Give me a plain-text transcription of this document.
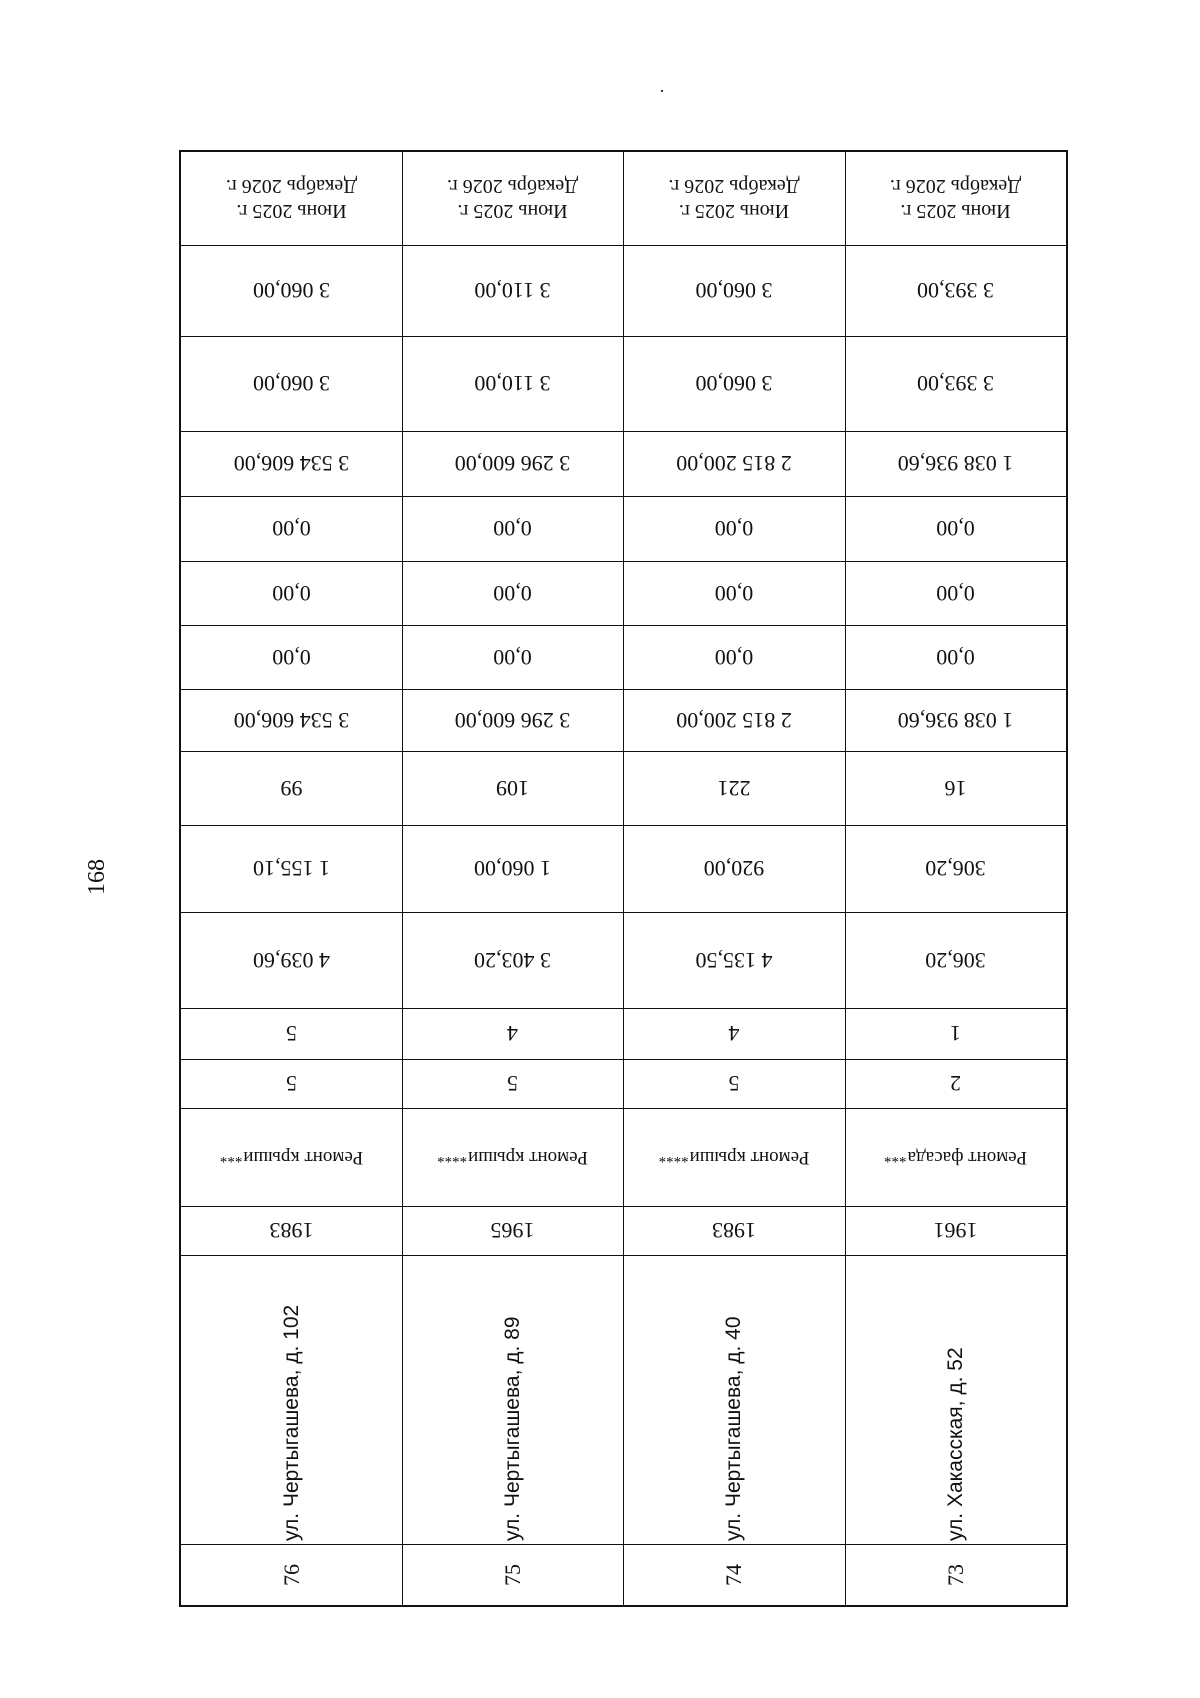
168
Июнь 2025 г.
Декабрь 2026 г.
3 393,00
3 393,00
1 038 936,60
0,00
0,00
0,00
1 038 936,60
16
306,20
306,20
1
2
Ремонт фасада
***
1961
ул. Хакасская, д. 52
73
Июнь 2025 г.
Декабрь 2026 г.
3 060,00
3 060,00
2 815 200,00
0,00
0,00
0,00
2 815 200,00
221
920,00
4 135,50
4
5
Ремонт крыши
****
1983
ул. Чертыгашева, д. 40
74
Июнь 2025 г.
Декабрь 2026 г.
3 110,00
3 110,00
3 296 600,00
0,00
0,00
0,00
3 296 600,00
109
1 060,00
3 403,20
4
5
Ремонт крыши
****
1965
ул. Чертыгашева, д. 89
75
Июнь 2025 г.
Декабрь 2026 г.
3 060,00
3 060,00
3 534 606,00
0,00
0,00
0,00
3 534 606,00
99
1 155,10
4 039,60
5
5
Ремонт крыши
***
1983
ул. Чертыгашева, д. 102
76
